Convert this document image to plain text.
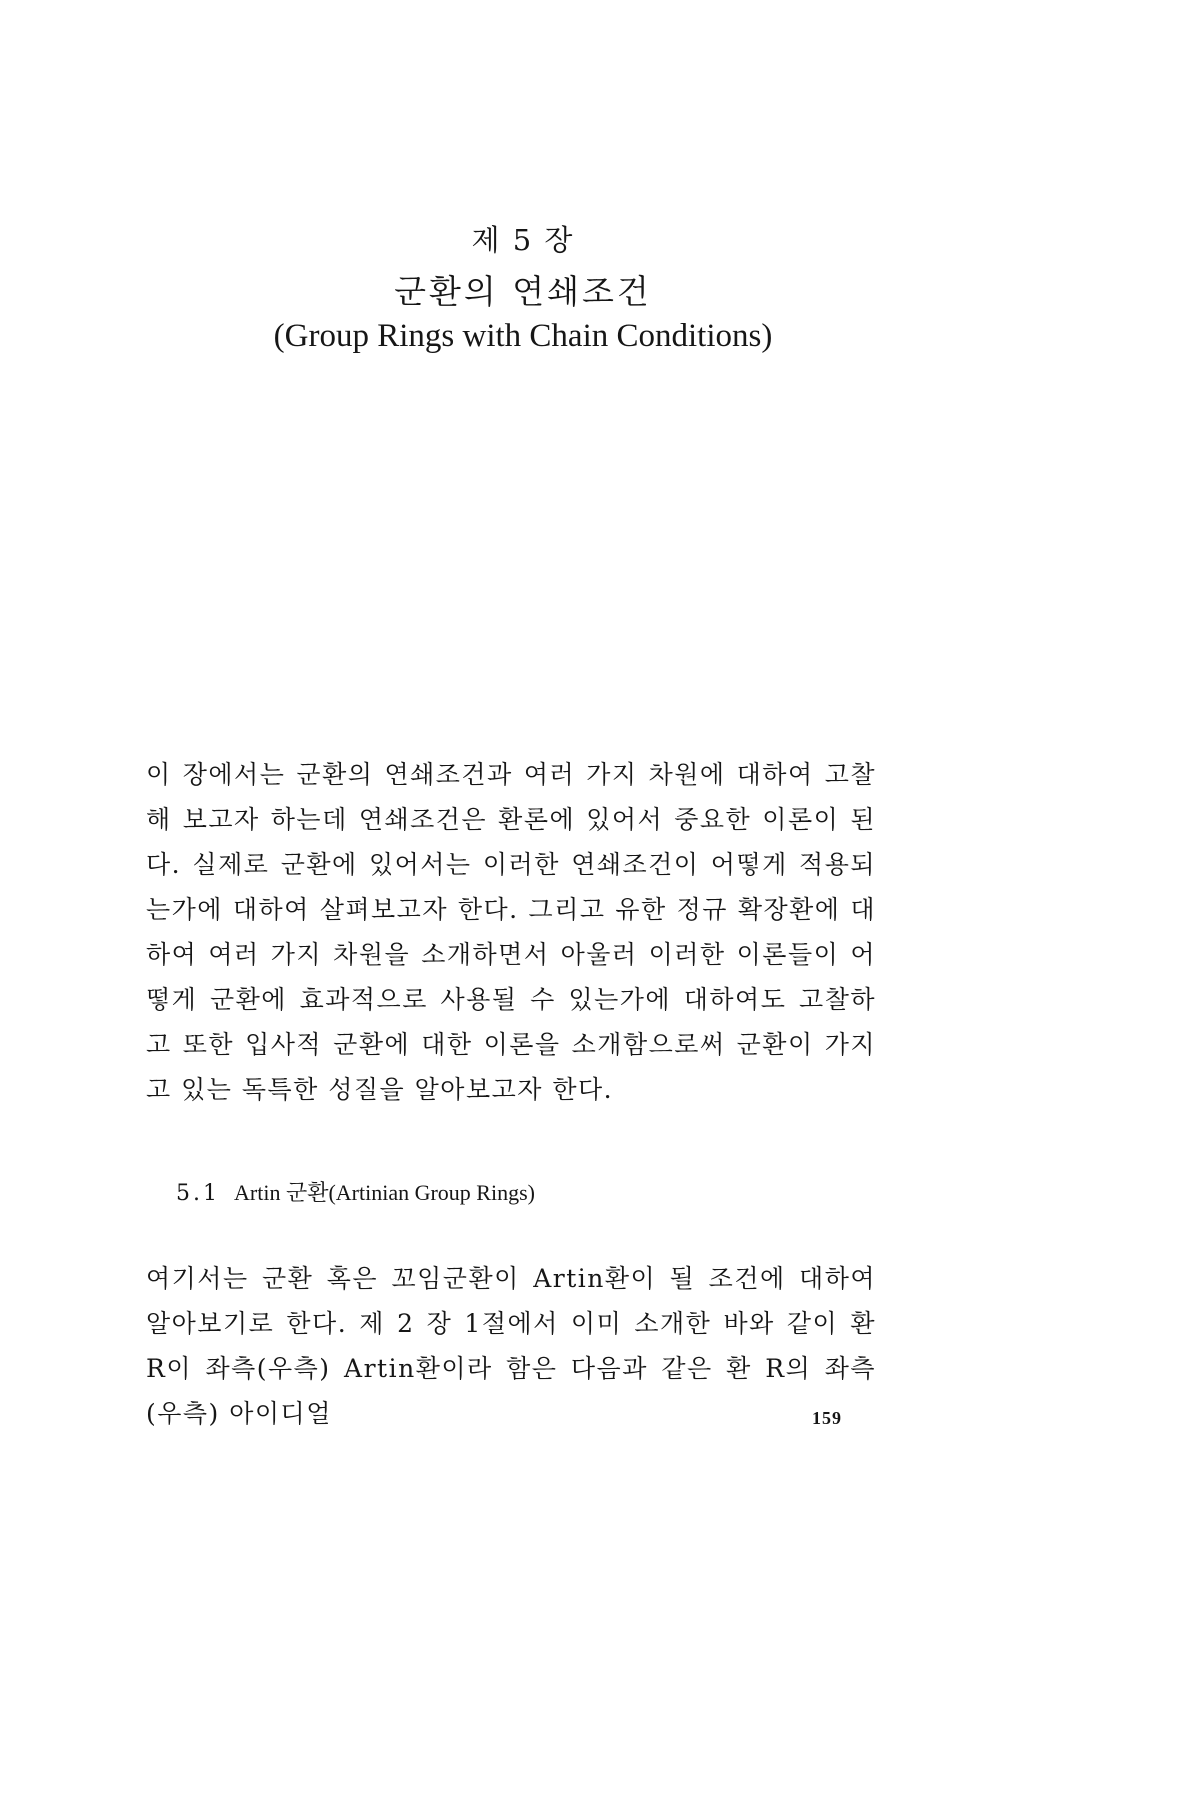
제 5 장
군환의 연쇄조건
(Group Rings with Chain Conditions)

이 장에서는 군환의 연쇄조건과 여러 가지 차원에 대하여 고찰해 보고자 하는데 연쇄조건은 환론에 있어서 중요한 이론이 된다. 실제로 군환에 있어서는 이러한 연쇄조건이 어떻게 적용되는가에 대하여 살펴보고자 한다. 그리고 유한 정규 확장환에 대하여 여러 가지 차원을 소개하면서 아울러 이러한 이론들이 어떻게 군환에 효과적으로 사용될 수 있는가에 대하여도 고찰하고 또한 입사적 군환에 대한 이론을 소개함으로써 군환이 가지고 있는 독특한 성질을 알아보고자 한다.

5.1 Artin 군환(Artinian Group Rings)

여기서는 군환 혹은 꼬임군환이 Artin환이 될 조건에 대하여 알아보기로 한다. 제 2 장 1절에서 이미 소개한 바와 같이 환 R이 좌측(우측) Artin환이라 함은 다음과 같은 환 R의 좌측(우측) 아이디얼	159
